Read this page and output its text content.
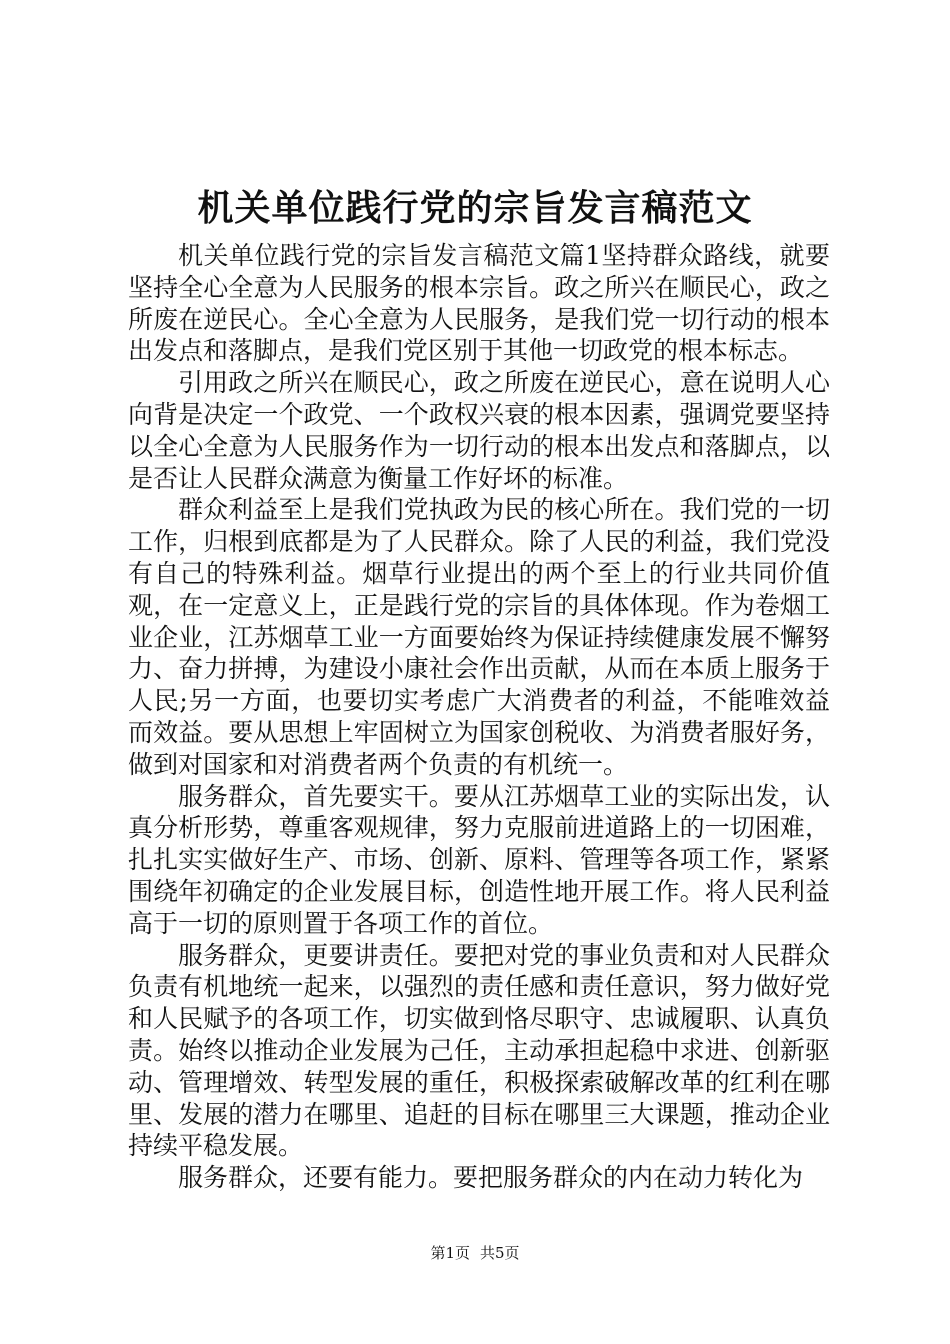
机关单位践行党的宗旨发言稿范文

机关单位践行党的宗旨发言稿范文篇1坚持群众路线，就要坚持全心全意为人民服务的根本宗旨。政之所兴在顺民心，政之所废在逆民心。全心全意为人民服务，是我们党一切行动的根本出发点和落脚点，是我们党区别于其他一切政党的根本标志。

引用政之所兴在顺民心，政之所废在逆民心，意在说明人心向背是决定一个政党、一个政权兴衰的根本因素，强调党要坚持以全心全意为人民服务作为一切行动的根本出发点和落脚点，以是否让人民群众满意为衡量工作好坏的标准。

群众利益至上是我们党执政为民的核心所在。我们党的一切工作，归根到底都是为了人民群众。除了人民的利益，我们党没有自己的特殊利益。烟草行业提出的两个至上的行业共同价值观，在一定意义上，正是践行党的宗旨的具体体现。作为卷烟工业企业，江苏烟草工业一方面要始终为保证持续健康发展不懈努力、奋力拼搏，为建设小康社会作出贡献，从而在本质上服务于人民;另一方面，也要切实考虑广大消费者的利益，不能唯效益而效益。要从思想上牢固树立为国家创税收、为消费者服好务，做到对国家和对消费者两个负责的有机统一。

服务群众，首先要实干。要从江苏烟草工业的实际出发，认真分析形势，尊重客观规律，努力克服前进道路上的一切困难，扎扎实实做好生产、市场、创新、原料、管理等各项工作，紧紧围绕年初确定的企业发展目标，创造性地开展工作。将人民利益高于一切的原则置于各项工作的首位。

服务群众，更要讲责任。要把对党的事业负责和对人民群众负责有机地统一起来，以强烈的责任感和责任意识，努力做好党和人民赋予的各项工作，切实做到恪尽职守、忠诚履职、认真负责。始终以推动企业发展为己任，主动承担起稳中求进、创新驱动、管理增效、转型发展的重任，积极探索破解改革的红利在哪里、发展的潜力在哪里、追赶的目标在哪里三大课题，推动企业持续平稳发展。

服务群众，还要有能力。要把服务群众的内在动力转化为

第1页 共5页
